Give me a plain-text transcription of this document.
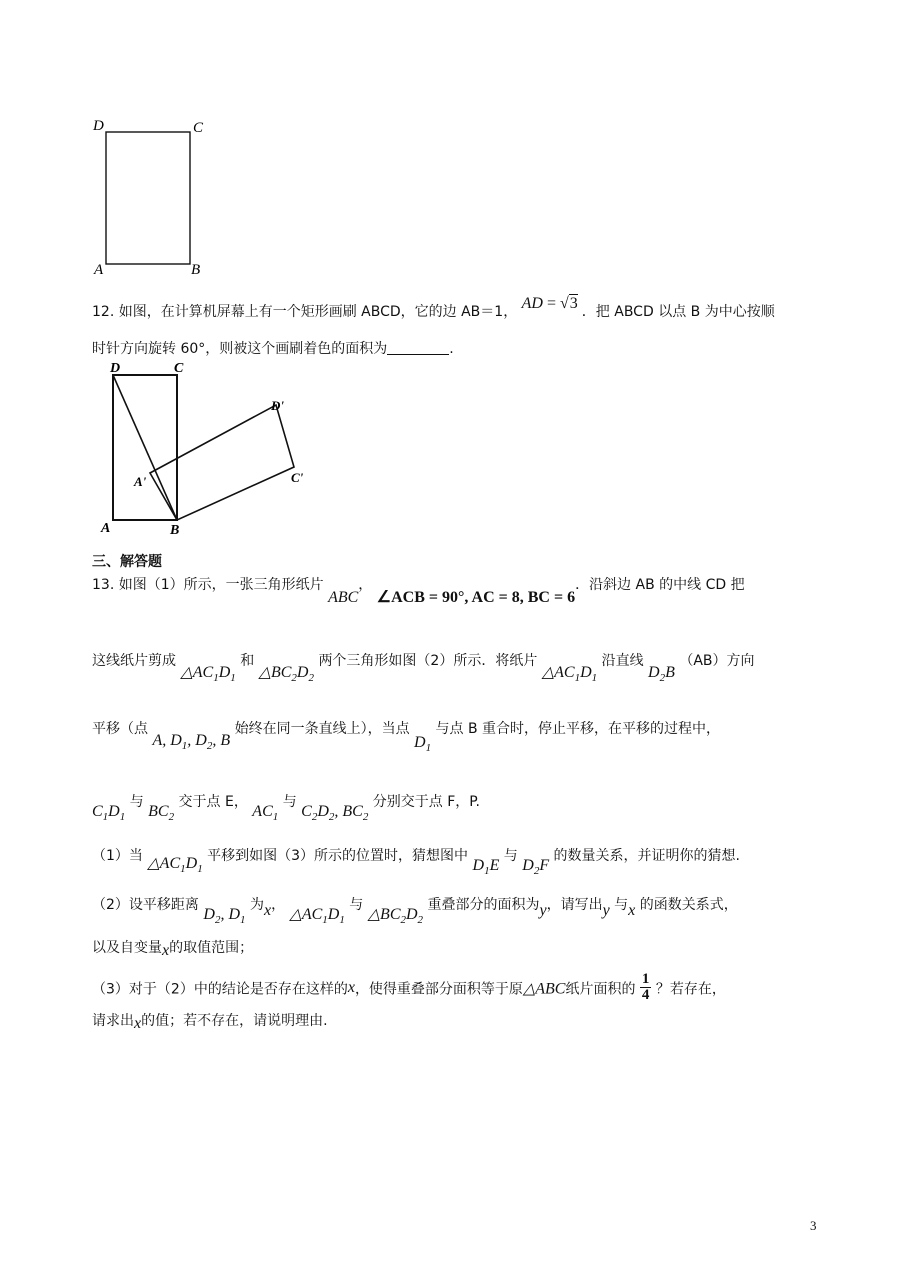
D	C
A	B
12. 如图，在计算机屏幕上有一个矩形画刷 ABCD，它的边 AB＝1， AD = √3 ．把 ABCD 以点 B 为中心按顺
时针方向旋转 60°，则被这个画刷着色的面积为	.
D	C
A	B
A'
D'
C'
三、解答题
13. 如图（1）所示，一张三角形纸片 ABC， ∠ACB = 90°, AC = 8, BC = 6．沿斜边 AB 的中线 CD 把
这线纸片剪成 $\triangle AC_1D_1$ 和 $\triangle BC_2D_2$ 两个三角形如图（2）所示．将纸片 $\triangle AC_1D_1$ 沿直线 $D_2B$ （AB）方向
平移（点 A, $D_1$, $D_2$, B 始终在同一条直线上），当点 $D_1$ 与点 B 重合时，停止平移，在平移的过程中，
$C_1D_1$ 与 $BC_2$ 交于点 E， $AC_1$ 与 $C_2D_2$, $BC_2$ 分别交于点 F，P.
（1）当 $\triangle AC_1D_1$ 平移到如图（3）所示的位置时，猜想图中 $D_1E$ 与 $D_2F$ 的数量关系，并证明你的猜想.
（2）设平移距离 $D_2$, $D_1$ 为x， $\triangle AC_1D_1$ 与 $\triangle BC_2D_2$ 重叠部分的面积为y，请写出y 与x 的函数关系式，
以及自变量x的取值范围；
（3）对于（2）中的结论是否存在这样的x，使得重叠部分面积等于原△ABC纸片面积的 $\frac{1}{4}$ ？若存在，
请求出x的值；若不存在，请说明理由.
3
